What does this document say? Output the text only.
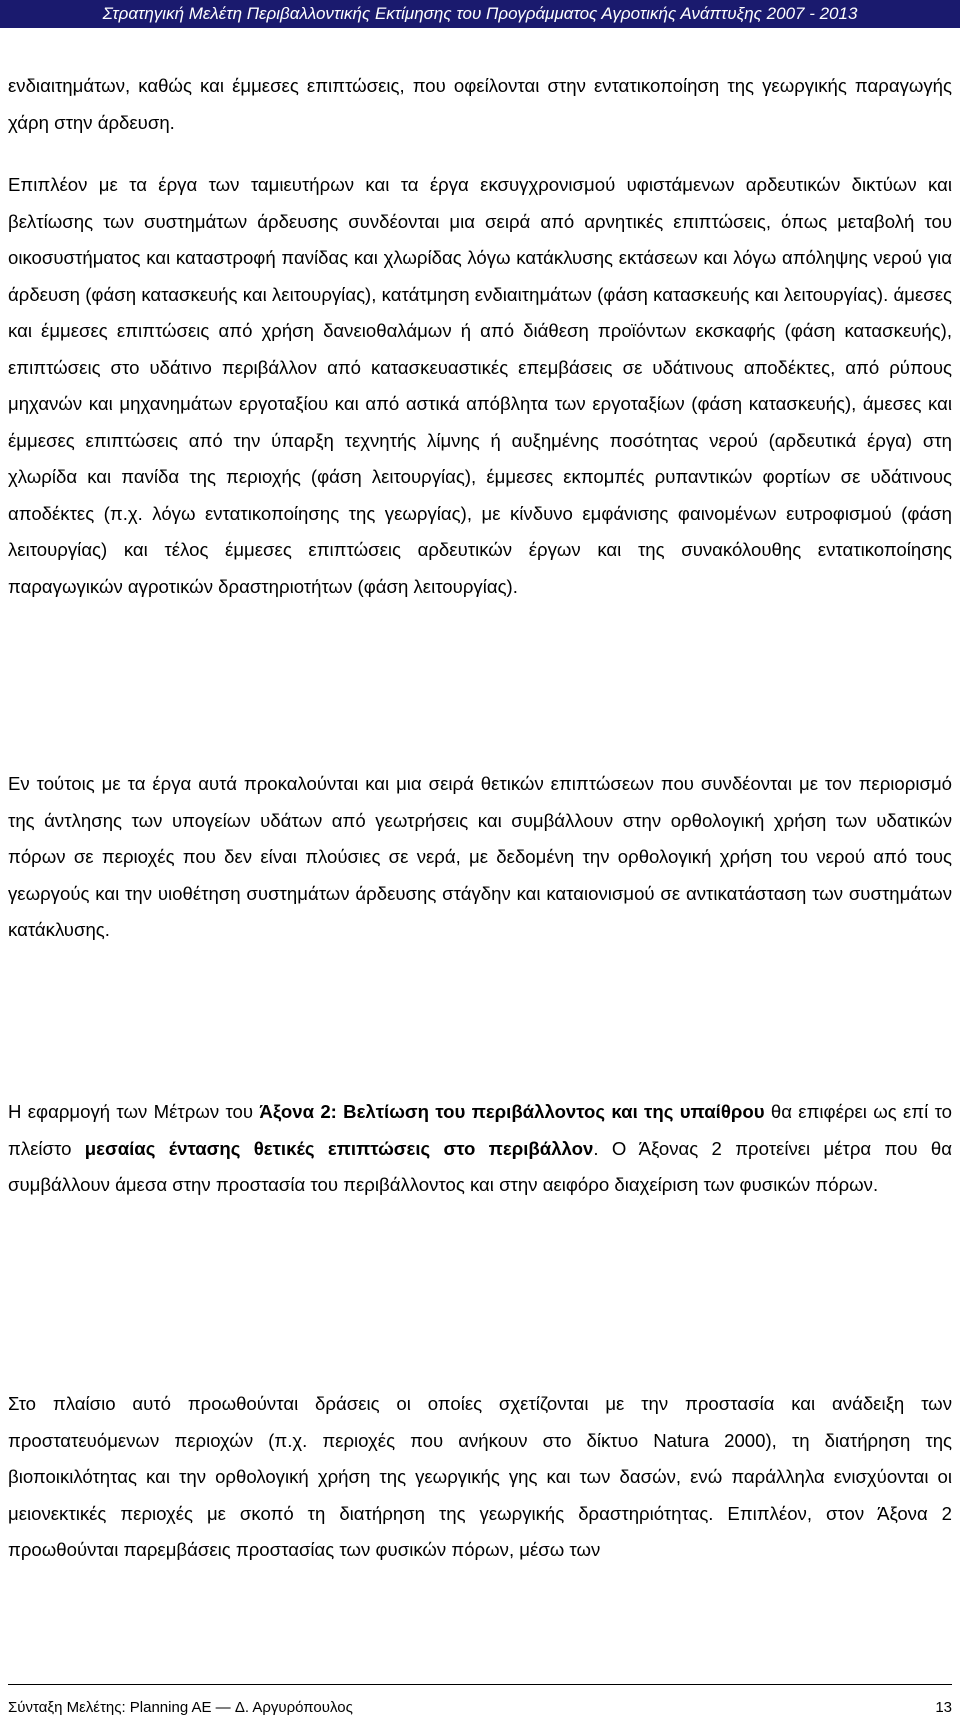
Στρατηγική Μελέτη Περιβαλλοντικής Εκτίμησης του Προγράμματος Αγροτικής Ανάπτυξης 2007 - 2013

ενδιαιτημάτων, καθώς και έμμεσες επιπτώσεις, που οφείλονται στην εντατικοποίηση της γεωργικής παραγωγής χάρη στην άρδευση.

Επιπλέον με τα έργα των ταμιευτήρων και τα έργα εκσυγχρονισμού υφιστάμενων αρδευτικών δικτύων και βελτίωσης των συστημάτων άρδευσης συνδέονται μια σειρά από αρνητικές επιπτώσεις, όπως μεταβολή του οικοσυστήματος και καταστροφή πανίδας και χλωρίδας λόγω κατάκλυσης εκτάσεων και λόγω απόληψης νερού για άρδευση (φάση κατασκευής και λειτουργίας), κατάτμηση ενδιαιτημάτων (φάση κατασκευής και λειτουργίας). άμεσες και έμμεσες επιπτώσεις από χρήση δανειοθαλάμων ή από διάθεση προϊόντων εκσκαφής (φάση κατασκευής), επιπτώσεις στο υδάτινο περιβάλλον από κατασκευαστικές επεμβάσεις σε υδάτινους αποδέκτες, από ρύπους μηχανών και μηχανημάτων εργοταξίου και από αστικά απόβλητα των εργοταξίων (φάση κατασκευής), άμεσες και έμμεσες επιπτώσεις από την ύπαρξη τεχνητής λίμνης ή αυξημένης ποσότητας νερού (αρδευτικά έργα) στη χλωρίδα και πανίδα της περιοχής (φάση λειτουργίας), έμμεσες εκπομπές ρυπαντικών φορτίων σε υδάτινους αποδέκτες (π.χ. λόγω εντατικοποίησης της γεωργίας), με κίνδυνο εμφάνισης φαινομένων ευτροφισμού (φάση λειτουργίας) και τέλος έμμεσες επιπτώσεις αρδευτικών έργων και της συνακόλουθης εντατικοποίησης παραγωγικών αγροτικών δραστηριοτήτων (φάση λειτουργίας).

Εν τούτοις με τα έργα αυτά προκαλούνται και μια σειρά θετικών επιπτώσεων που συνδέονται με τον περιορισμό της άντλησης των υπογείων υδάτων από γεωτρήσεις και συμβάλλουν στην ορθολογική χρήση των υδατικών πόρων σε περιοχές που δεν είναι πλούσιες σε νερά, με δεδομένη την ορθολογική χρήση του νερού από τους γεωργούς και την υιοθέτηση συστημάτων άρδευσης στάγδην και καταιονισμού σε αντικατάσταση των συστημάτων κατάκλυσης.

Η εφαρμογή των Μέτρων του Άξονα 2: Βελτίωση του περιβάλλοντος και της υπαίθρου θα επιφέρει ως επί το πλείστο μεσαίας έντασης θετικές επιπτώσεις στο περιβάλλον. Ο Άξονας 2 προτείνει μέτρα που θα συμβάλλουν άμεσα στην προστασία του περιβάλλοντος και στην αειφόρο διαχείριση των φυσικών πόρων.

Στο πλαίσιο αυτό προωθούνται δράσεις οι οποίες σχετίζονται με την προστασία και ανάδειξη των προστατευόμενων περιοχών (π.χ. περιοχές που ανήκουν στο δίκτυο Natura 2000), τη διατήρηση της βιοποικιλότητας και την ορθολογική χρήση της γεωργικής γης και των δασών, ενώ παράλληλα ενισχύονται οι μειονεκτικές περιοχές με σκοπό τη διατήρηση της γεωργικής δραστηριότητας. Επιπλέον, στον Άξονα 2 προωθούνται παρεμβάσεις προστασίας των φυσικών πόρων, μέσω των

Σύνταξη Μελέτης: Planning AE — Δ. Αργυρόπουλος	13
